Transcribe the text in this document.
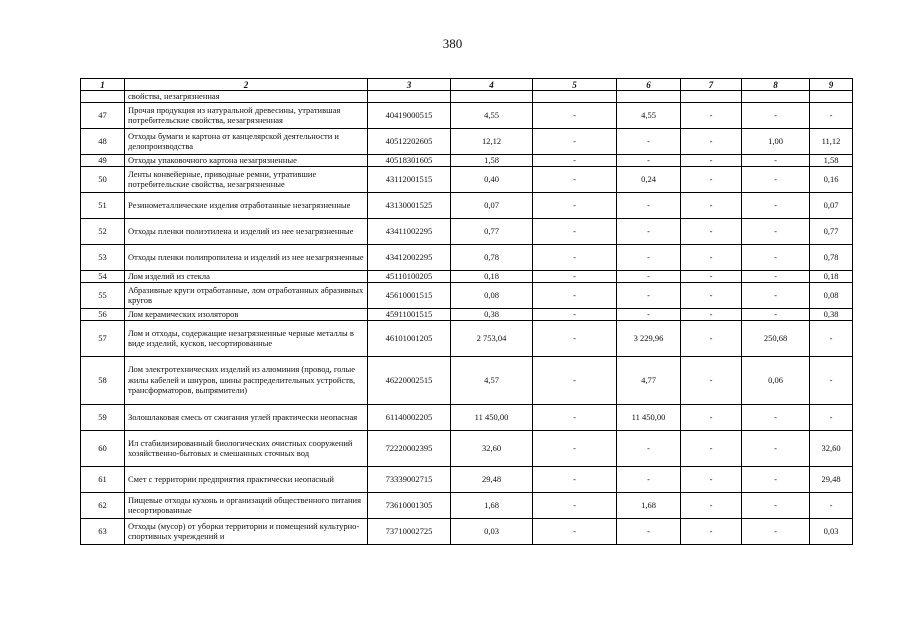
380
1	2	3	4	5	6	7	8	9
	свойства, незагрязненная							
47	Прочая продукция из натуральной древесины, утратившая потребительские свойства, незагрязненная	40419000515	4,55	-	4,55	-	-	-
48	Отходы бумаги и картона от канцелярской деятельности и делопроизводства	40512202605	12,12	-	-	-	1,00	11,12
49	Отходы упаковочного картона незагрязненные	40518301605	1,58	-	-	-	-	1,58
50	Ленты конвейерные, приводные ремни, утратившие потребительские свойства, незагрязненные	43112001515	0,40	-	0,24	-	-	0,16
51	Резинометаллические изделия отработанные незагрязненные	43130001525	0,07	-	-	-	-	0,07
52	Отходы пленки полиэтилена и изделий из нее незагрязненные	43411002295	0,77	-	-	-	-	0,77
53	Отходы пленки полипропилена и изделий из нее незагрязненные	43412002295	0,78	-	-	-	-	0,78
54	Лом изделий из стекла	45110100205	0,18	-	-	-	-	0,18
55	Абразивные круги отработанные, лом отработанных абразивных кругов	45610001515	0,08	-	-	-	-	0,08
56	Лом керамических изоляторов	45911001515	0,38	-	-	-	-	0,38
57	Лом и отходы, содержащие незагрязненные черные металлы в виде изделий, кусков, несортированные	46101001205	2 753,04	-	3 229,96	-	250,68	-
58	Лом электротехнических изделий из алюминия (провод, голые жилы кабелей и шнуров, шины распределительных устройств, трансформаторов, выпрямители)	46220002515	4,57	-	4,77	-	0,06	-
59	Золошлаковая смесь от сжигания углей практически неопасная	61140002205	11 450,00	-	11 450,00	-	-	-
60	Ил стабилизированный биологических очистных сооружений хозяйственно-бытовых и смешанных сточных вод	72220002395	32,60	-	-	-	-	32,60
61	Смет с территории предприятия практически неопасный	73339002715	29,48	-	-	-	-	29,48
62	Пищевые отходы кухонь и организаций общественного питания несортированные	73610001305	1,68	-	1,68	-	-	-
63	Отходы (мусор) от уборки территории и помещений культурно-спортивных учреждений и	73710002725	0,03	-	-	-	-	0,03
